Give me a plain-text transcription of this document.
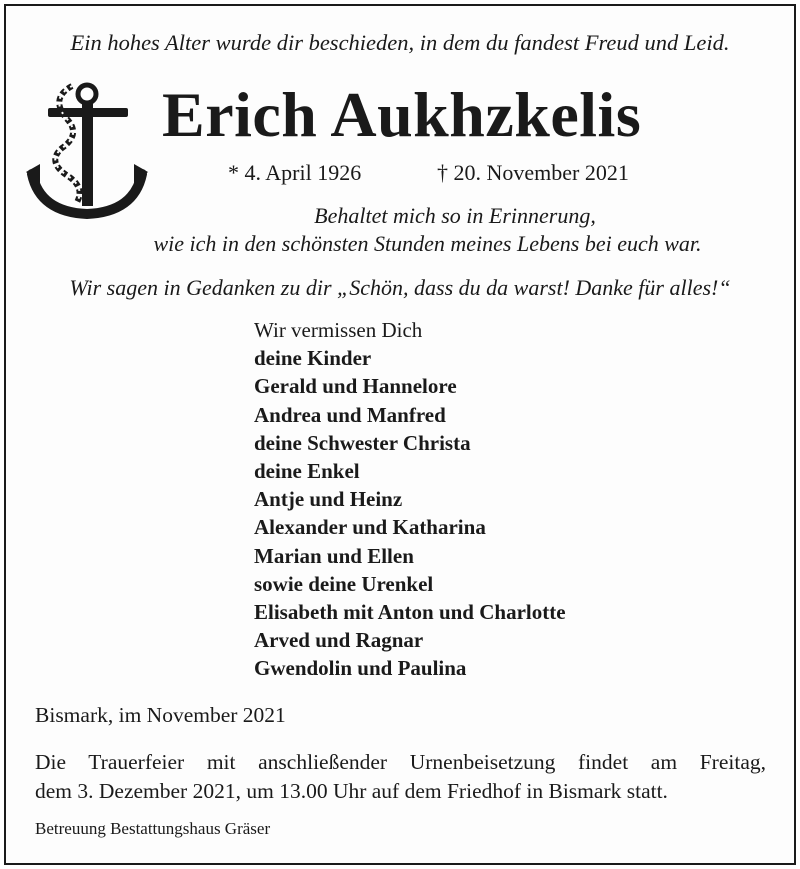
Ein hohes Alter wurde dir beschieden, in dem du fandest Freud und Leid.
Erich Aukhzkelis
* 4. April 1926	† 20. November 2021
Behaltet mich so in Erinnerung,
wie ich in den schönsten Stunden meines Lebens bei euch war.
Wir sagen in Gedanken zu dir „Schön, dass du da warst! Danke für alles!“
Wir vermissen Dich
deine Kinder
Gerald und Hannelore
Andrea und Manfred
deine Schwester Christa
deine Enkel
Antje und Heinz
Alexander und Katharina
Marian und Ellen
sowie deine Urenkel
Elisabeth mit Anton und Charlotte
Arved und Ragnar
Gwendolin und Paulina
Bismark, im November 2021
Die Trauerfeier mit anschließender Urnenbeisetzung findet am Freitag,
dem 3. Dezember 2021, um 13.00 Uhr auf dem Friedhof in Bismark statt.
Betreuung Bestattungshaus Gräser
